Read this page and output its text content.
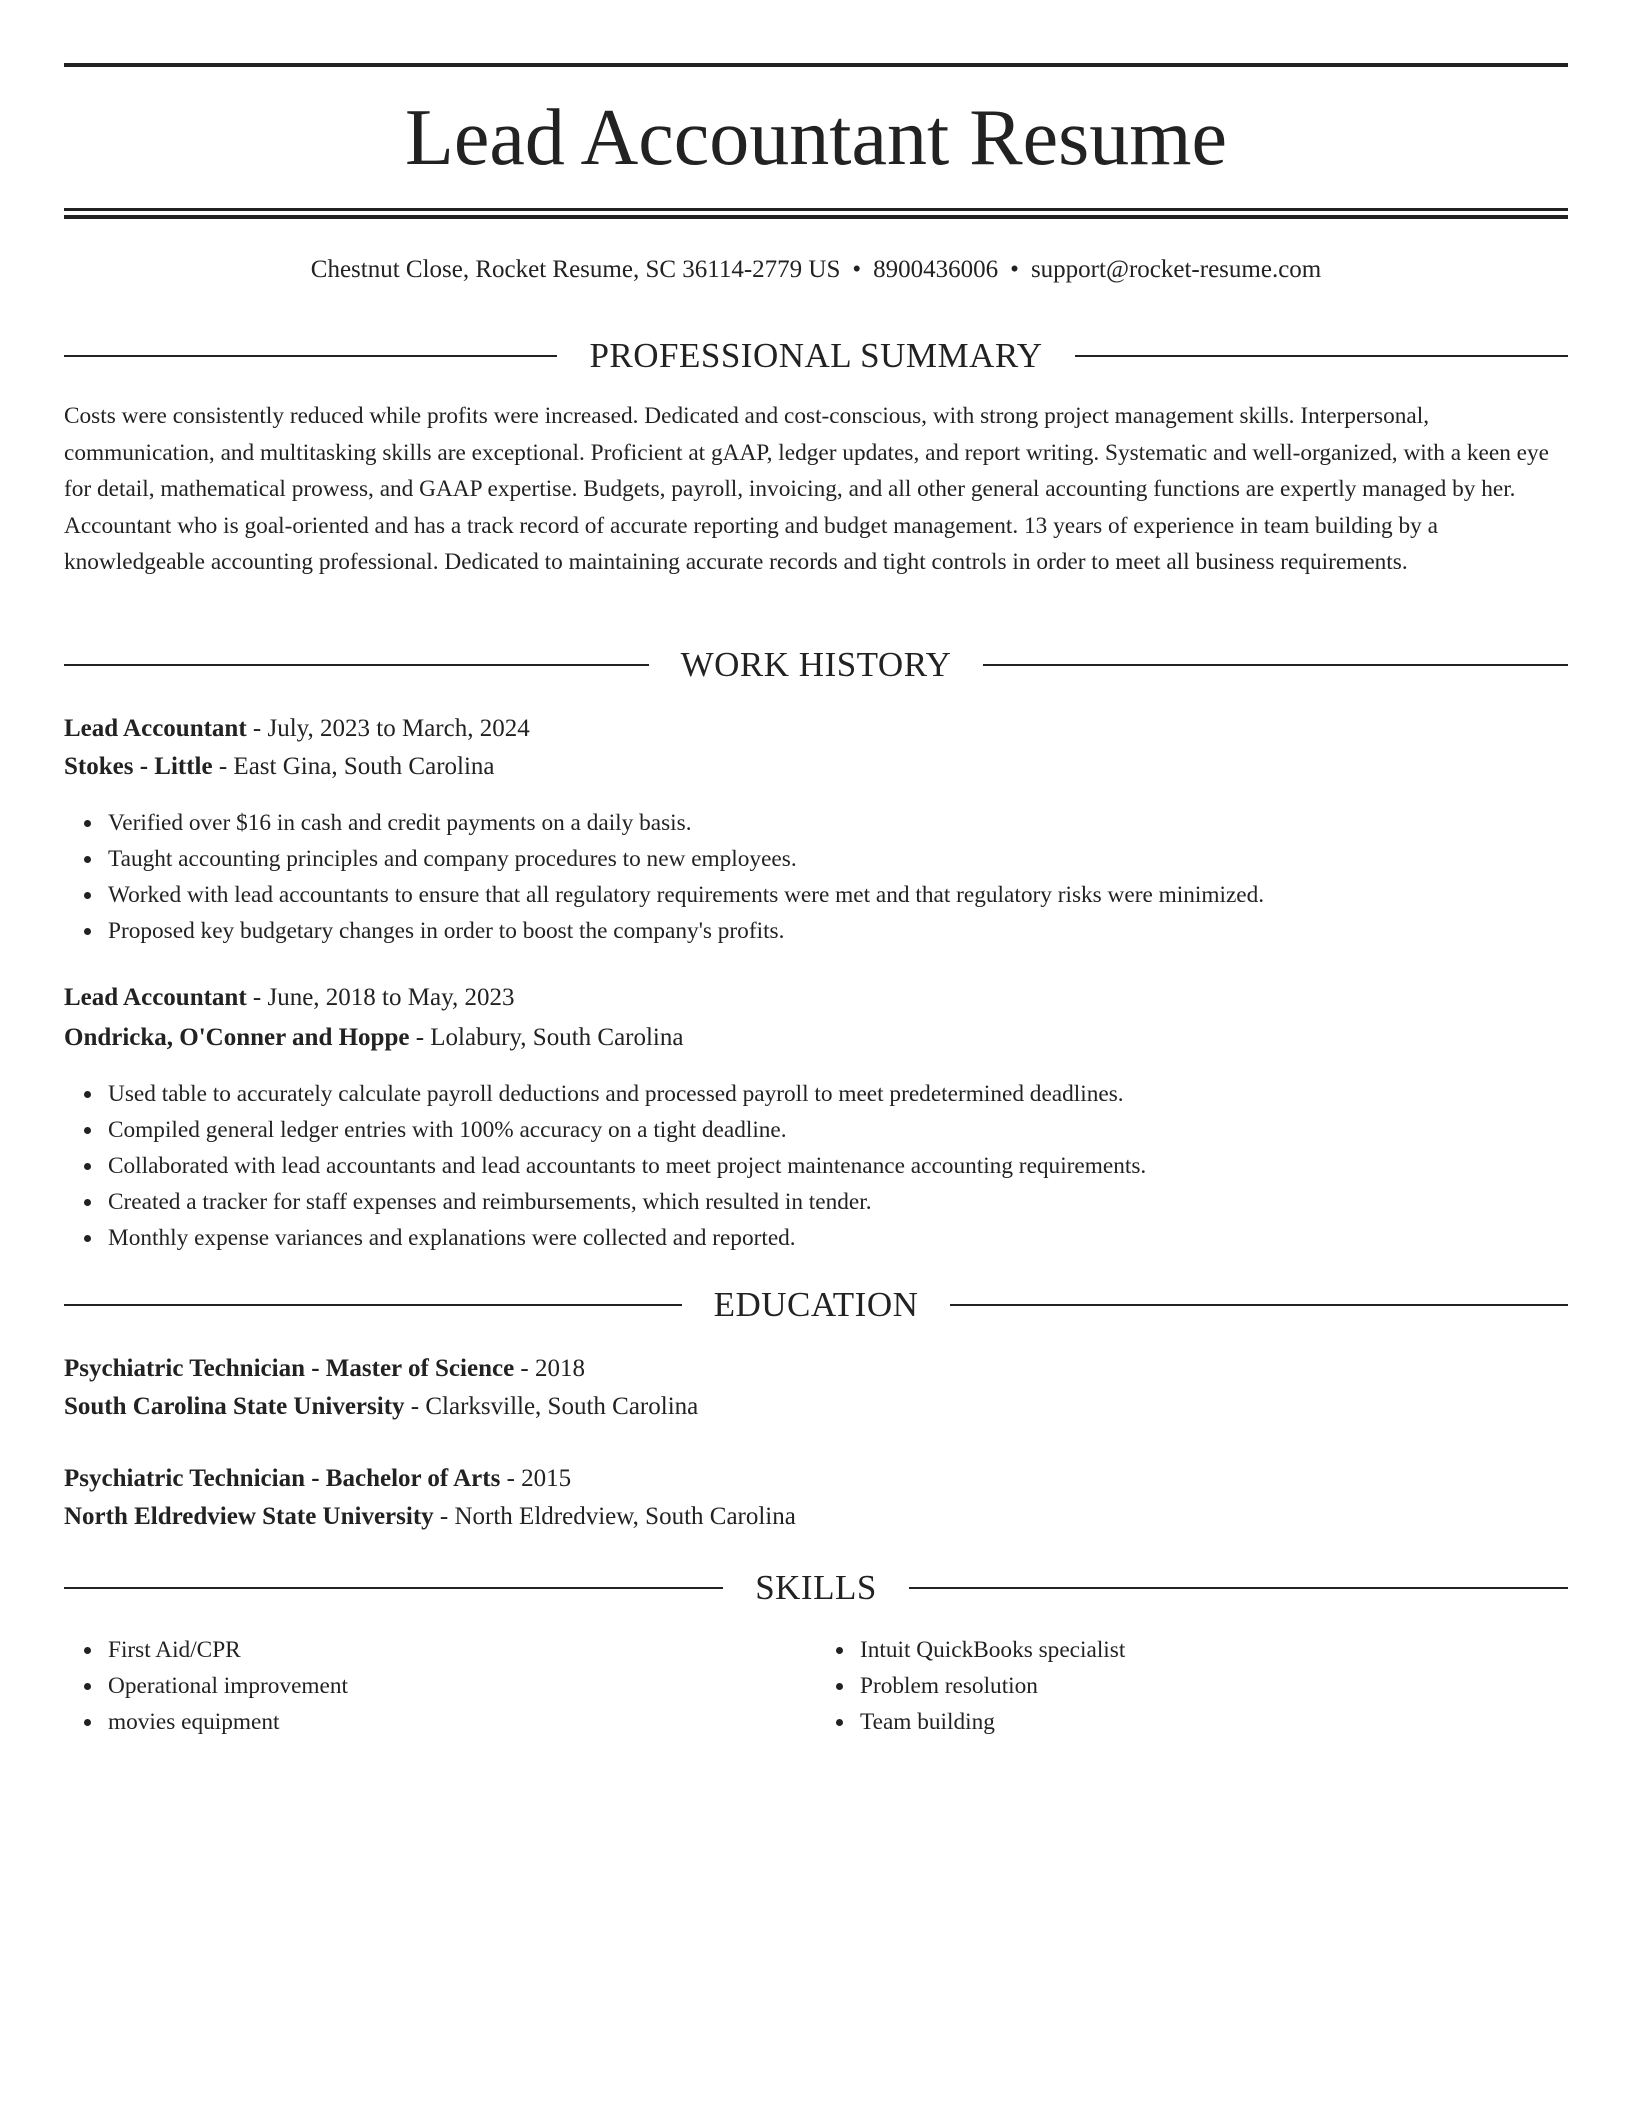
Lead Accountant Resume
Chestnut Close, Rocket Resume, SC 36114-2779 US • 8900436006 • support@rocket-resume.com
PROFESSIONAL SUMMARY

Costs were consistently reduced while profits were increased. Dedicated and cost-conscious, with strong project management skills. Interpersonal, communication, and multitasking skills are exceptional. Proficient at gAAP, ledger updates, and report writing. Systematic and well-organized, with a keen eye for detail, mathematical prowess, and GAAP expertise. Budgets, payroll, invoicing, and all other general accounting functions are expertly managed by her. Accountant who is goal-oriented and has a track record of accurate reporting and budget management. 13 years of experience in team building by a knowledgeable accounting professional. Dedicated to maintaining accurate records and tight controls in order to meet all business requirements.

WORK HISTORY
Lead Accountant - July, 2023 to March, 2024
Stokes - Little - East Gina, South Carolina
Verified over $16 in cash and credit payments on a daily basis.
Taught accounting principles and company procedures to new employees.
Worked with lead accountants to ensure that all regulatory requirements were met and that regulatory risks were minimized.
Proposed key budgetary changes in order to boost the company's profits.
Lead Accountant - June, 2018 to May, 2023
Ondricka, O'Conner and Hoppe - Lolabury, South Carolina
Used table to accurately calculate payroll deductions and processed payroll to meet predetermined deadlines.
Compiled general ledger entries with 100% accuracy on a tight deadline.
Collaborated with lead accountants and lead accountants to meet project maintenance accounting requirements.
Created a tracker for staff expenses and reimbursements, which resulted in tender.
Monthly expense variances and explanations were collected and reported.
EDUCATION
Psychiatric Technician - Master of Science - 2018
South Carolina State University - Clarksville, South Carolina
Psychiatric Technician - Bachelor of Arts - 2015
North Eldredview State University - North Eldredview, South Carolina
SKILLS
First Aid/CPR
Operational improvement
movies equipment
Intuit QuickBooks specialist
Problem resolution
Team building
